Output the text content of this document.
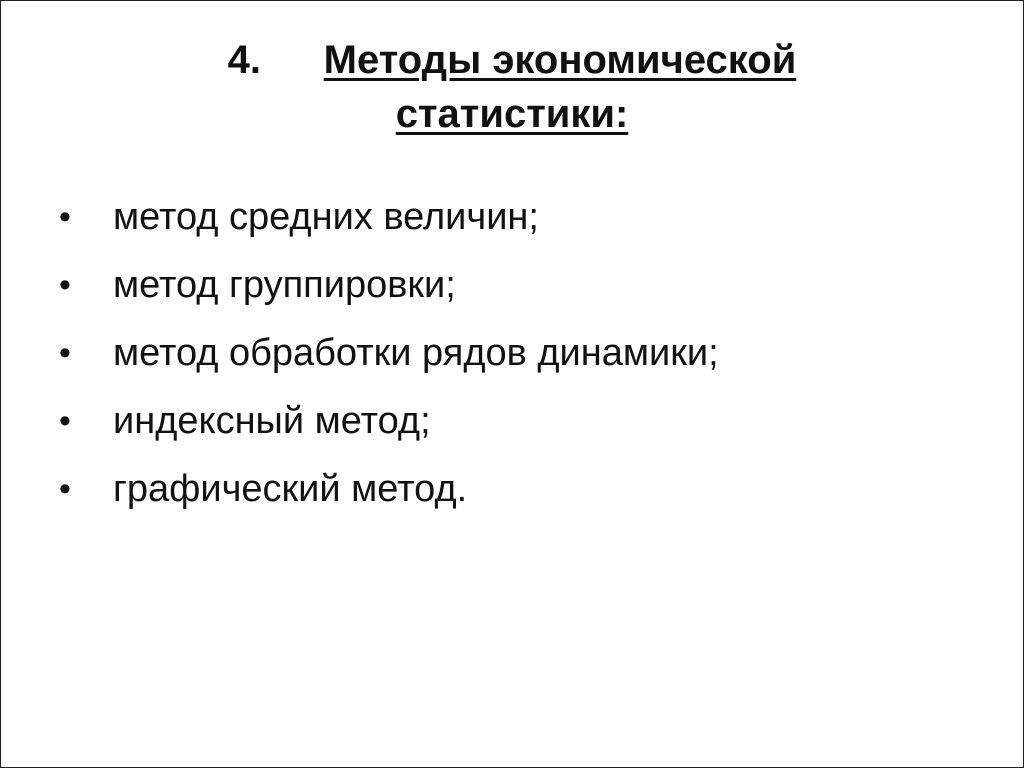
4. Методы экономической
статистики:
• метод средних величин;
• метод группировки;
• метод обработки рядов динамики;
• индексный метод;
• графический метод.
